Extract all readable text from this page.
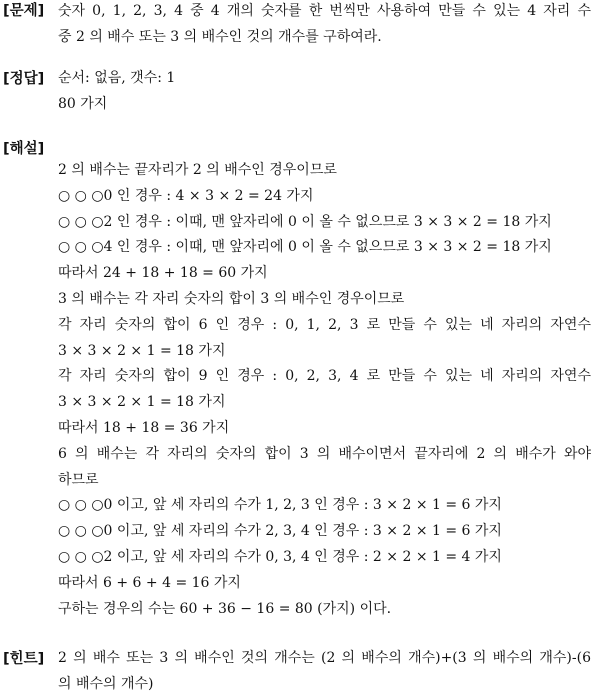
[문제] 숫자 0, 1, 2, 3, 4 중 4 개의 숫자를 한 번씩만 사용하여 만들 수 있는 4 자리 수
중 2 의 배수 또는 3 의 배수인 것의 개수를 구하여라.
[정답] 순서: 없음, 갯수: 1
80 가지
[해설]
2 의 배수는 끝자리가 2 의 배수인 경우이므로
○ ○ ○0 인 경우 : 4 × 3 × 2 = 24 가지
○ ○ ○2 인 경우 : 이때, 맨 앞자리에 0 이 올 수 없으므로 3 × 3 × 2 = 18 가지
○ ○ ○4 인 경우 : 이때, 맨 앞자리에 0 이 올 수 없으므로 3 × 3 × 2 = 18 가지
따라서 24 + 18 + 18 = 60 가지
3 의 배수는 각 자리 숫자의 합이 3 의 배수인 경우이므로
각 자리 숫자의 합이 6 인 경우 : 0, 1, 2, 3 로 만들 수 있는 네 자리의 자연수
3 × 3 × 2 × 1 = 18 가지
각 자리 숫자의 합이 9 인 경우 : 0, 2, 3, 4 로 만들 수 있는 네 자리의 자연수
3 × 3 × 2 × 1 = 18 가지
따라서 18 + 18 = 36 가지
6 의 배수는 각 자리의 숫자의 합이 3 의 배수이면서 끝자리에 2 의 배수가 와야
하므로
○ ○ ○0 이고, 앞 세 자리의 수가 1, 2, 3 인 경우 : 3 × 2 × 1 = 6 가지
○ ○ ○0 이고, 앞 세 자리의 수가 2, 3, 4 인 경우 : 3 × 2 × 1 = 6 가지
○ ○ ○2 이고, 앞 세 자리의 수가 0, 3, 4 인 경우 : 2 × 2 × 1 = 4 가지
따라서 6 + 6 + 4 = 16 가지
구하는 경우의 수는 60 + 36 − 16 = 80 (가지) 이다.
[힌트] 2 의 배수 또는 3 의 배수인 것의 개수는 (2 의 배수의 개수)+(3 의 배수의 개수)-(6
의 배수의 개수)
